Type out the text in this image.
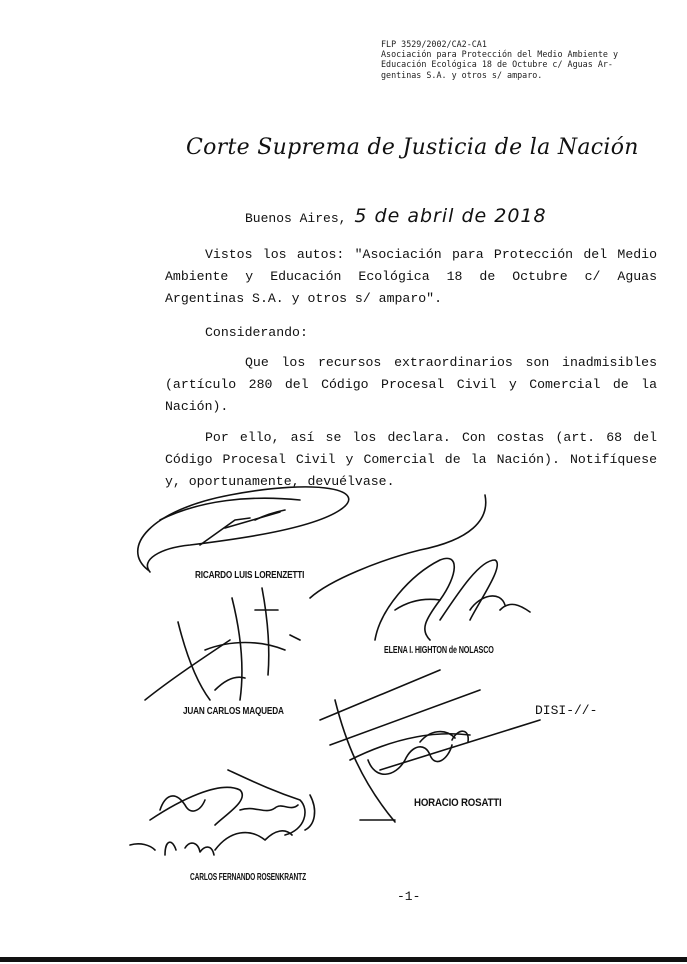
FLP 3529/2002/CA2-CA1
Asociación para Protección del Medio Ambiente y
Educación Ecológica 18 de Octubre c/ Aguas Ar-
gentinas S.A. y otros s/ amparo.
Corte Suprema de Justicia de la Nación
Buenos Aires, 5 de abril de 2018
Vistos los autos: "Asociación para Protección del Medio Ambiente y Educación Ecológica 18 de Octubre c/ Aguas Argentinas S.A. y otros s/ amparo".
Considerando:
Que los recursos extraordinarios son inadmisibles (artículo 280 del Código Procesal Civil y Comercial de la Nación).
Por ello, así se los declara. Con costas (art. 68 del Código Procesal Civil y Comercial de la Nación). Notifíquese y, oportunamente, devuélvase.
RICARDO LUIS LORENZETTI
ELENA I. HIGHTON de NOLASCO
JUAN CARLOS MAQUEDA
HORACIO ROSATTI
CARLOS FERNANDO ROSENKRANTZ
DISI-//-
-1-
